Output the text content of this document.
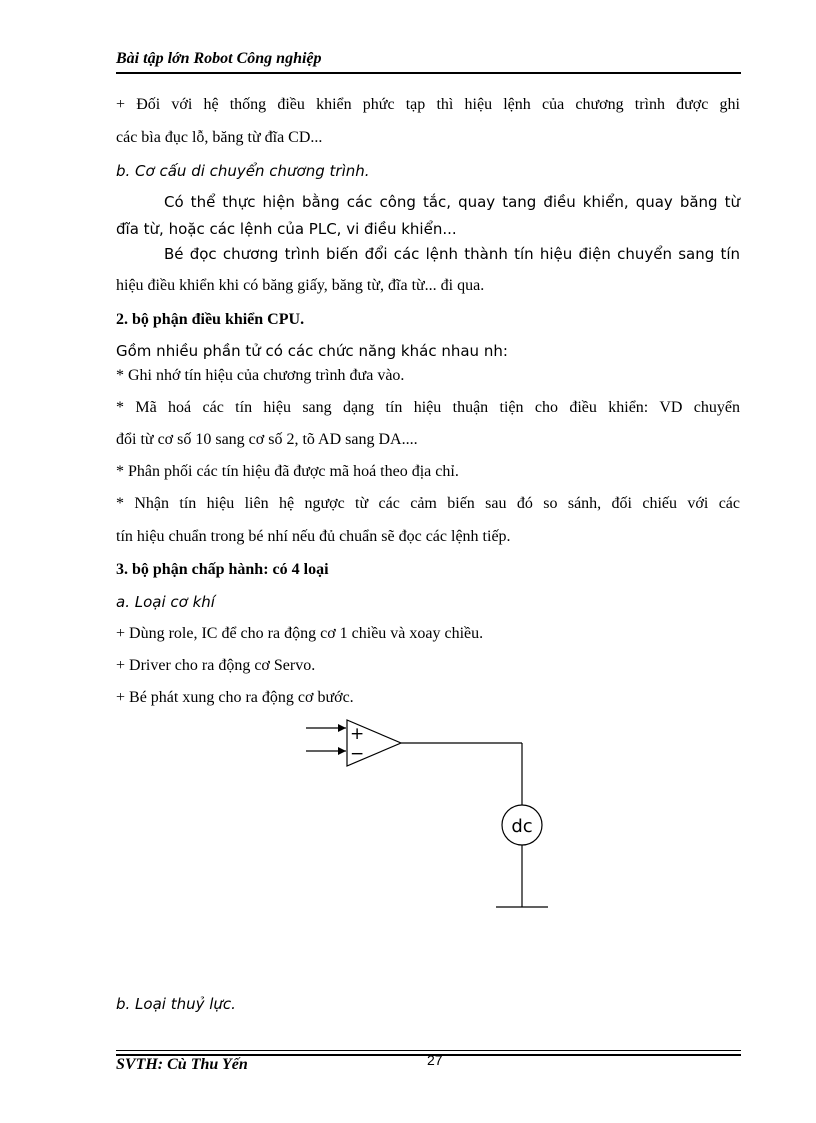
Bài tập lớn Robot Công nghiệp
+ Đối với hệ thống điều khiển phức tạp thì hiệu lệnh của chương trình được ghi
các bìa đục lỗ, băng từ đĩa CD...
b. Cơ cấu di chuyển chương trình.
Có thể thực hiện bằng các công tắc, quay tang điều khiển, quay băng từ
đĩa từ, hoặc các lệnh của PLC, vi điều khiển...
Bé đọc chương trình biến đổi các lệnh thành tín hiệu điện chuyển sang tín
hiệu điều khiển khi có băng giấy, băng từ, đĩa từ... đi qua.
2. bộ phận điều khiển CPU.
Gồm nhiều phần tử có các chức năng khác nhau nh:
* Ghi nhớ tín hiệu của chương trình đưa vào.
* Mã hoá các tín hiệu sang dạng tín hiệu thuận tiện cho điều khiển: VD chuyển
đổi từ cơ số 10 sang cơ số 2, tõ AD sang DA....
* Phân phối các tín hiệu đã được mã hoá theo địa chỉ.
* Nhận tín hiệu liên hệ ngược từ các cảm biến sau đó so sánh, đối chiếu với các
tín hiệu chuẩn trong bé nhí nếu đủ chuẩn sẽ đọc các lệnh tiếp.
3. bộ phận chấp hành: có 4 loại
a. Loại cơ khí
+ Dùng role, IC để cho ra động cơ 1 chiều và xoay chiều.
+ Driver cho ra động cơ Servo.
+ Bé phát xung cho ra động cơ bước.
+
−
dc
b. Loại thuỷ lực.
SVTH: Cù Thu Yến	27
